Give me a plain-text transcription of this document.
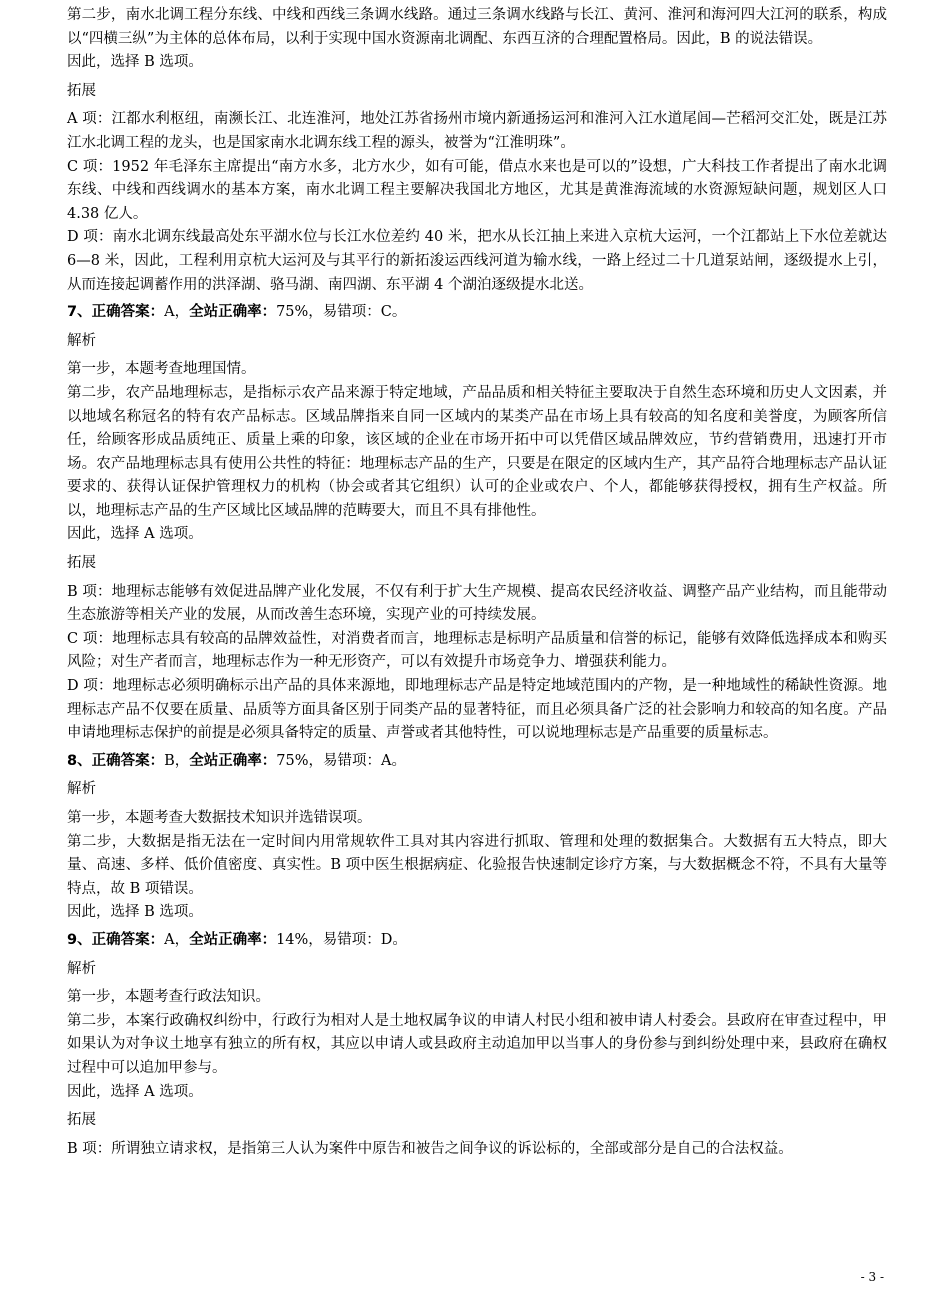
第二步，南水北调工程分东线、中线和西线三条调水线路。通过三条调水线路与长江、黄河、淮河和海河四大江河的联系，构成以“四横三纵”为主体的总体布局，以利于实现中国水资源南北调配、东西互济的合理配置格局。因此，B 的说法错误。

因此，选择 B 选项。

拓展

A 项：江都水利枢纽，南濒长江、北连淮河，地处江苏省扬州市境内新通扬运河和淮河入江水道尾闾—芒稻河交汇处，既是江苏江水北调工程的龙头，也是国家南水北调东线工程的源头，被誉为“江淮明珠”。

C 项：1952 年毛泽东主席提出“南方水多，北方水少，如有可能，借点水来也是可以的”设想，广大科技工作者提出了南水北调东线、中线和西线调水的基本方案，南水北调工程主要解决我国北方地区，尤其是黄淮海流域的水资源短缺问题，规划区人口 4.38 亿人。

D 项：南水北调东线最高处东平湖水位与长江水位差约 40 米，把水从长江抽上来进入京杭大运河，一个江都站上下水位差就达 6—8 米，因此，工程利用京杭大运河及与其平行的新拓浚运西线河道为输水线，一路上经过二十几道泵站闸，逐级提水上引，从而连接起调蓄作用的洪泽湖、骆马湖、南四湖、东平湖 4 个湖泊逐级提水北送。

7、正确答案：A，全站正确率：75%，易错项：C。

解析

第一步，本题考查地理国情。

第二步，农产品地理标志，是指标示农产品来源于特定地域，产品品质和相关特征主要取决于自然生态环境和历史人文因素，并以地域名称冠名的特有农产品标志。区域品牌指来自同一区域内的某类产品在市场上具有较高的知名度和美誉度，为顾客所信任，给顾客形成品质纯正、质量上乘的印象，该区域的企业在市场开拓中可以凭借区域品牌效应，节约营销费用，迅速打开市场。农产品地理标志具有使用公共性的特征：地理标志产品的生产，只要是在限定的区域内生产，其产品符合地理标志产品认证要求的、获得认证保护管理权力的机构（协会或者其它组织）认可的企业或农户、个人，都能够获得授权，拥有生产权益。所以，地理标志产品的生产区域比区域品牌的范畴要大，而且不具有排他性。

因此，选择 A 选项。

拓展

B 项：地理标志能够有效促进品牌产业化发展，不仅有利于扩大生产规模、提高农民经济收益、调整产品产业结构，而且能带动生态旅游等相关产业的发展，从而改善生态环境，实现产业的可持续发展。

C 项：地理标志具有较高的品牌效益性，对消费者而言，地理标志是标明产品质量和信誉的标记，能够有效降低选择成本和购买风险；对生产者而言，地理标志作为一种无形资产，可以有效提升市场竞争力、增强获利能力。

D 项：地理标志必须明确标示出产品的具体来源地，即地理标志产品是特定地域范围内的产物，是一种地域性的稀缺性资源。地理标志产品不仅要在质量、品质等方面具备区别于同类产品的显著特征，而且必须具备广泛的社会影响力和较高的知名度。产品申请地理标志保护的前提是必须具备特定的质量、声誉或者其他特性，可以说地理标志是产品重要的质量标志。

8、正确答案：B，全站正确率：75%，易错项：A。

解析

第一步，本题考查大数据技术知识并选错误项。

第二步，大数据是指无法在一定时间内用常规软件工具对其内容进行抓取、管理和处理的数据集合。大数据有五大特点，即大量、高速、多样、低价值密度、真实性。B 项中医生根据病症、化验报告快速制定诊疗方案，与大数据概念不符，不具有大量等特点，故 B 项错误。

因此，选择 B 选项。

9、正确答案：A，全站正确率：14%，易错项：D。

解析

第一步，本题考查行政法知识。

第二步，本案行政确权纠纷中，行政行为相对人是土地权属争议的申请人村民小组和被申请人村委会。县政府在审查过程中，甲如果认为对争议土地享有独立的所有权，其应以申请人或县政府主动追加甲以当事人的身份参与到纠纷处理中来，县政府在确权过程中可以追加甲参与。

因此，选择 A 选项。

拓展

B 项：所谓独立请求权，是指第三人认为案件中原告和被告之间争议的诉讼标的，全部或部分是自己的合法权益。

- 3 -
